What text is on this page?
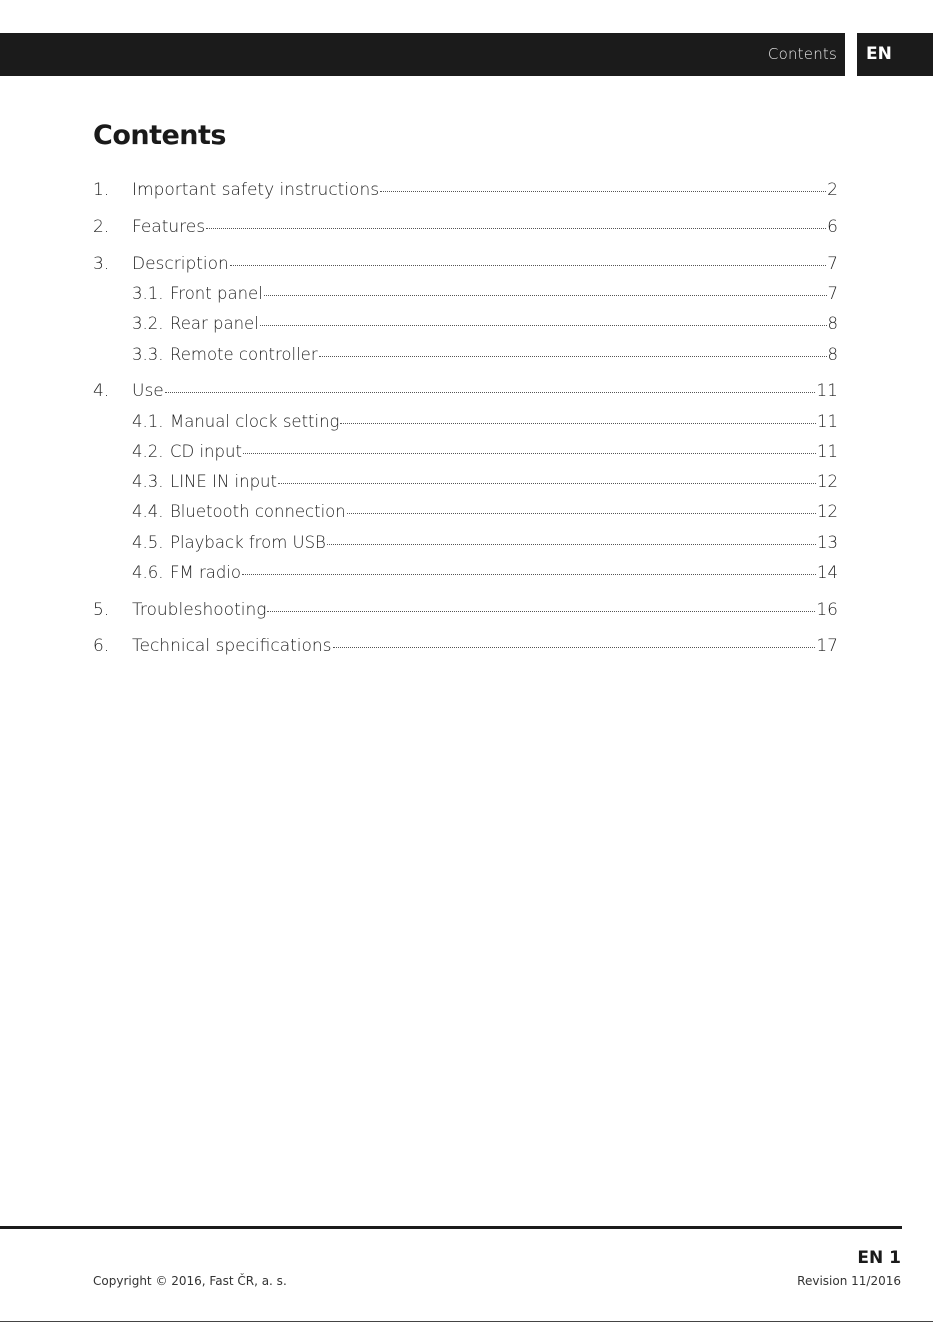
Contents EN
Contents
1.	Important safety instructions	2
2.	Features	6
3.	Description	7
3.1. Front panel	7
3.2. Rear panel	8
3.3. Remote controller	8
4.	Use	11
4.1. Manual clock setting	11
4.2. CD input	11
4.3. LINE IN input	12
4.4. Bluetooth connection	12
4.5. Playback from USB	13
4.6. FM radio	14
5.	Troubleshooting	16
6.	Technical specifications	17
EN 1
Copyright © 2016, Fast ČR, a. s.	Revision 11/2016
